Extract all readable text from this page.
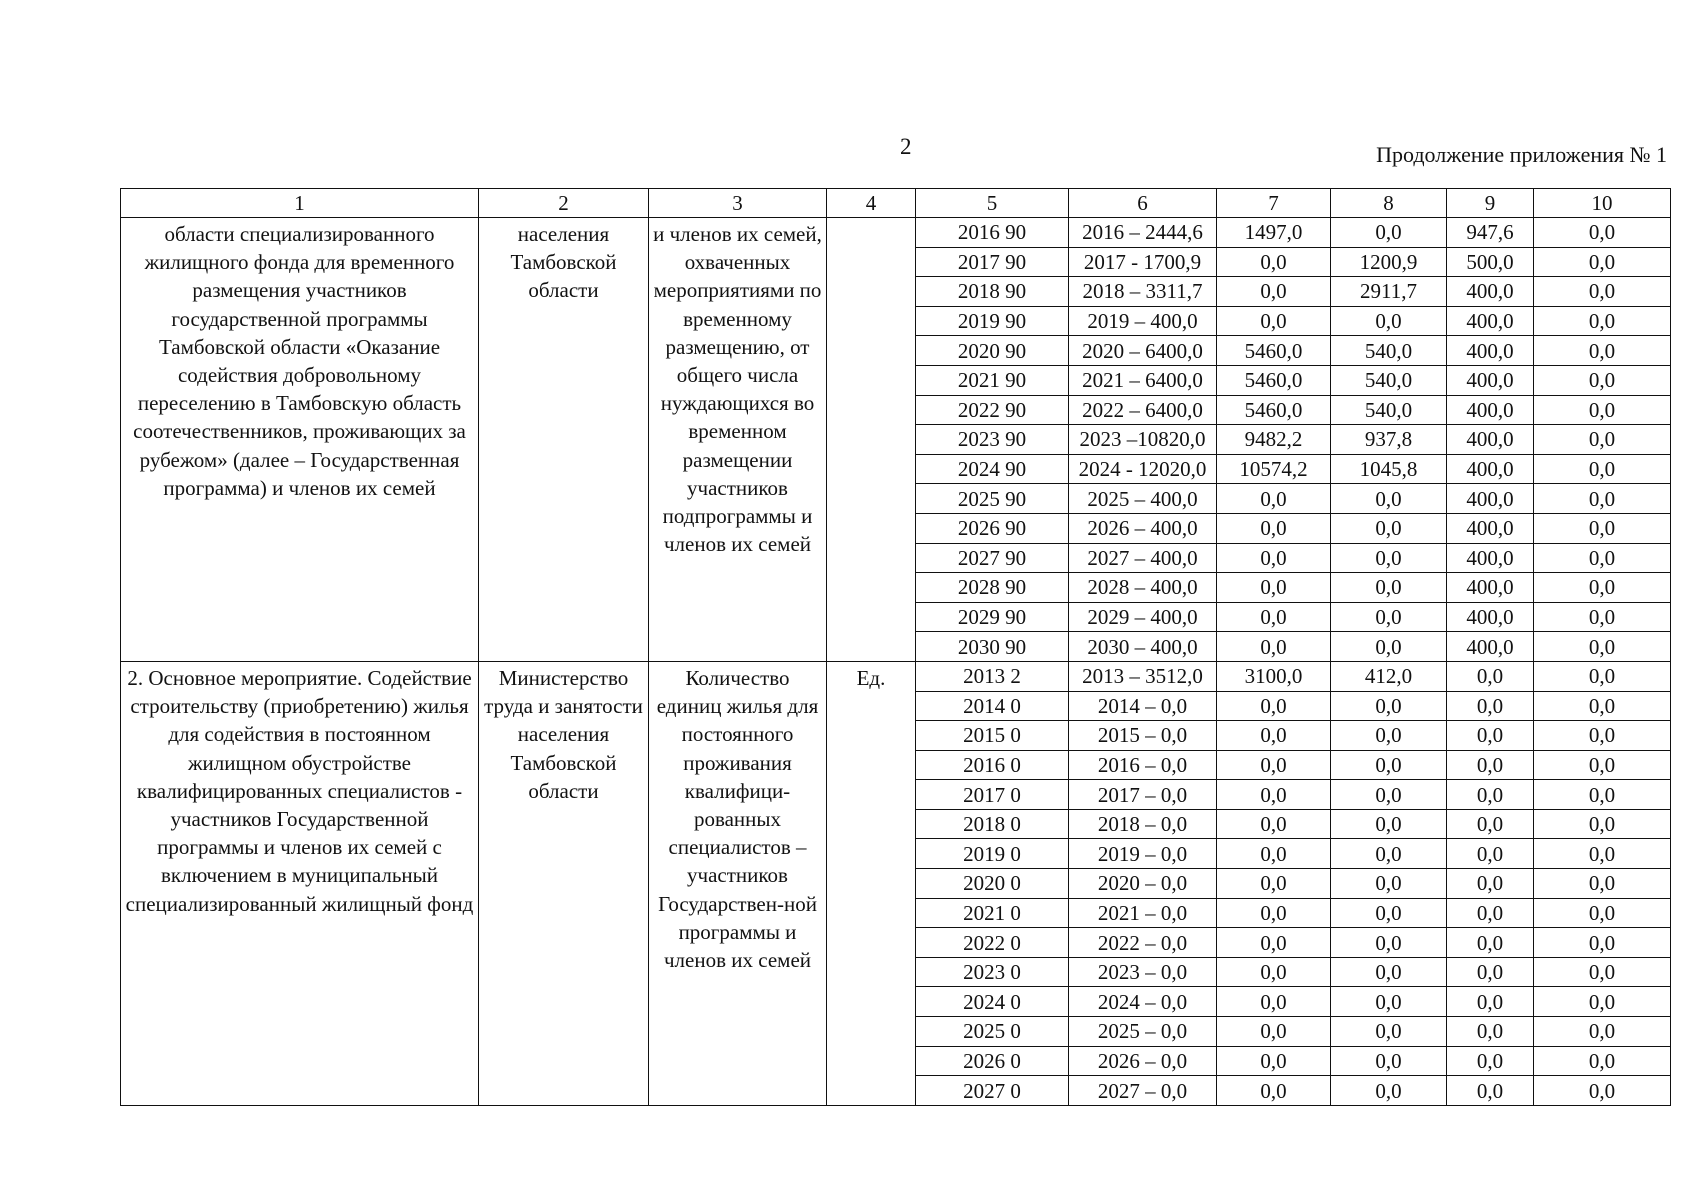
2	Продолжение приложения № 1
1	2	3	4	5	6	7	8	9	10
области специализированного жилищного фонда для временного размещения участников государственной программы Тамбовской области «Оказание содействия добровольному переселению в Тамбовскую область соотечественников, проживающих за рубежом» (далее – Государственная программа) и членов их семей	населения Тамбовской области	и членов их семей, охваченных мероприятиями по временному размещению, от общего числа нуждающихся во временном размещении участников подпрограммы и членов их семей		2016 90	2016 – 2444,6	1497,0	0,0	947,6	0,0
				2017 90	2017 - 1700,9	0,0	1200,9	500,0	0,0
				2018 90	2018 – 3311,7	0,0	2911,7	400,0	0,0
				2019 90	2019 – 400,0	0,0	0,0	400,0	0,0
				2020 90	2020 – 6400,0	5460,0	540,0	400,0	0,0
				2021 90	2021 – 6400,0	5460,0	540,0	400,0	0,0
				2022 90	2022 – 6400,0	5460,0	540,0	400,0	0,0
				2023 90	2023 –10820,0	9482,2	937,8	400,0	0,0
				2024 90	2024 - 12020,0	10574,2	1045,8	400,0	0,0
				2025 90	2025 – 400,0	0,0	0,0	400,0	0,0
				2026 90	2026 – 400,0	0,0	0,0	400,0	0,0
				2027 90	2027 – 400,0	0,0	0,0	400,0	0,0
				2028 90	2028 – 400,0	0,0	0,0	400,0	0,0
				2029 90	2029 – 400,0	0,0	0,0	400,0	0,0
				2030 90	2030 – 400,0	0,0	0,0	400,0	0,0
2. Основное мероприятие. Содействие строительству (приобретению) жилья для содействия в постоянном жилищном обустройстве квалифицированных специалистов - участников Государственной программы и членов их семей с включением в муниципальный специализированный жилищный фонд	Министерство труда и занятости населения Тамбовской области	Количество единиц жилья для постоянного проживания квалифици-рованных специалистов – участников Государствен-ной программы и членов их семей	Ед.	2013 2	2013 – 3512,0	3100,0	412,0	0,0	0,0
				2014 0	2014 – 0,0	0,0	0,0	0,0	0,0
				2015 0	2015 – 0,0	0,0	0,0	0,0	0,0
				2016 0	2016 – 0,0	0,0	0,0	0,0	0,0
				2017 0	2017 – 0,0	0,0	0,0	0,0	0,0
				2018 0	2018 – 0,0	0,0	0,0	0,0	0,0
				2019 0	2019 – 0,0	0,0	0,0	0,0	0,0
				2020 0	2020 – 0,0	0,0	0,0	0,0	0,0
				2021 0	2021 – 0,0	0,0	0,0	0,0	0,0
				2022 0	2022 – 0,0	0,0	0,0	0,0	0,0
				2023 0	2023 – 0,0	0,0	0,0	0,0	0,0
				2024 0	2024 – 0,0	0,0	0,0	0,0	0,0
				2025 0	2025 – 0,0	0,0	0,0	0,0	0,0
				2026 0	2026 – 0,0	0,0	0,0	0,0	0,0
				2027 0	2027 – 0,0	0,0	0,0	0,0	0,0
